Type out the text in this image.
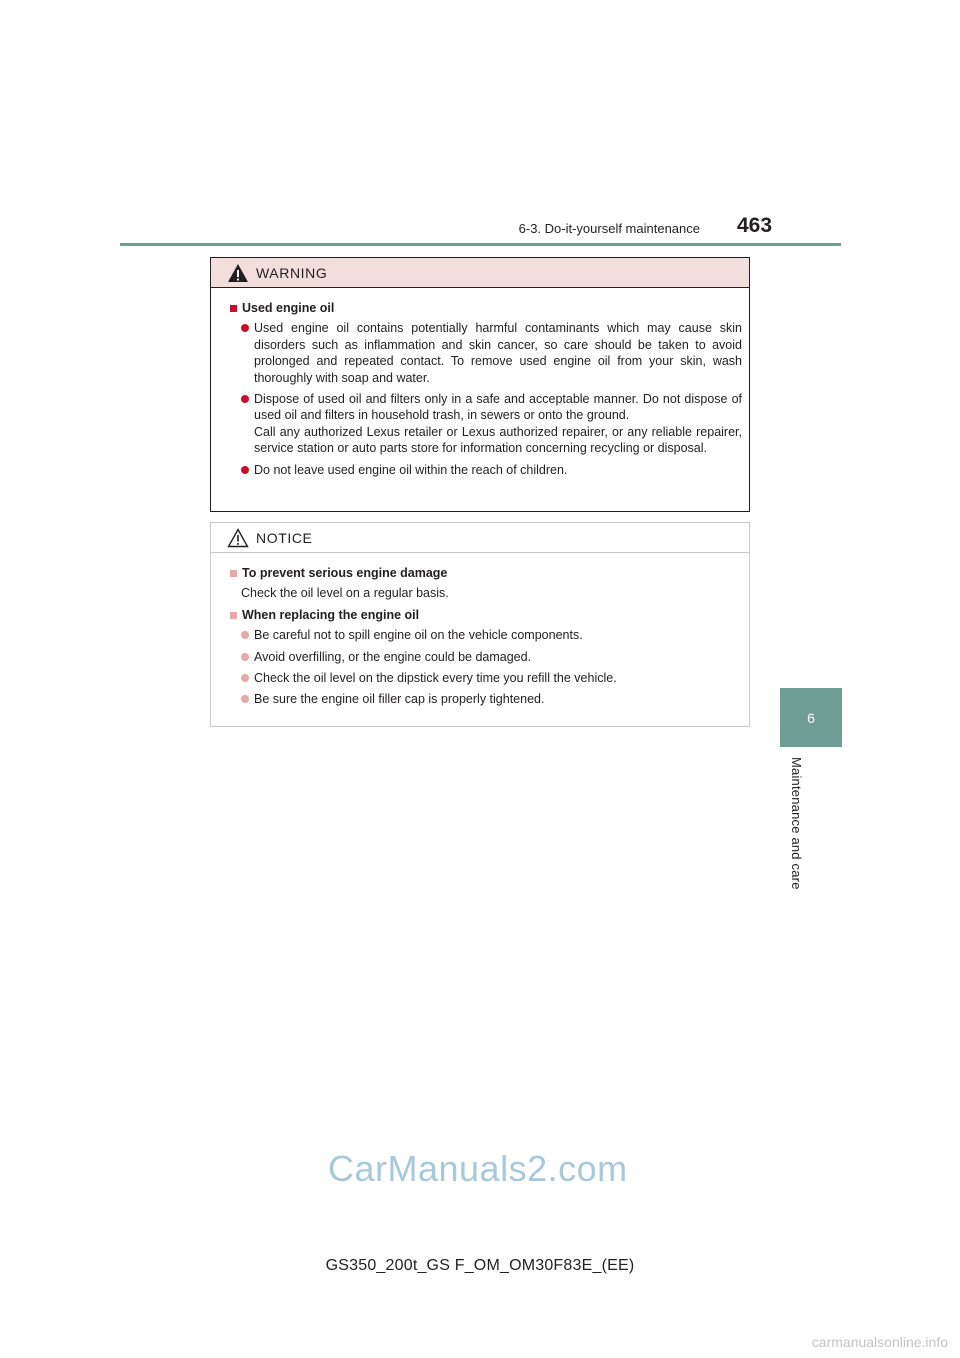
6-3. Do-it-yourself maintenance 463
6
Maintenance and care
WARNING
Used engine oil

Used engine oil contains potentially harmful contaminants which may cause skin disorders such as inflammation and skin cancer, so care should be taken to avoid prolonged and repeated contact. To remove used engine oil from your skin, wash thoroughly with soap and water.

Dispose of used oil and filters only in a safe and acceptable manner. Do not dispose of used oil and filters in household trash, in sewers or onto the ground.

Call any authorized Lexus retailer or Lexus authorized repairer, or any reliable repairer, service station or auto parts store for information concerning recycling or disposal.

Do not leave used engine oil within the reach of children.

NOTICE
To prevent serious engine damage
Check the oil level on a regular basis.
When replacing the engine oil
Be careful not to spill engine oil on the vehicle components.
Avoid overfilling, or the engine could be damaged.
Check the oil level on the dipstick every time you refill the vehicle.
Be sure the engine oil filler cap is properly tightened.
CarManuals2.com
GS350_200t_GS F_OM_OM30F83E_(EE)
carmanualsonline.info
